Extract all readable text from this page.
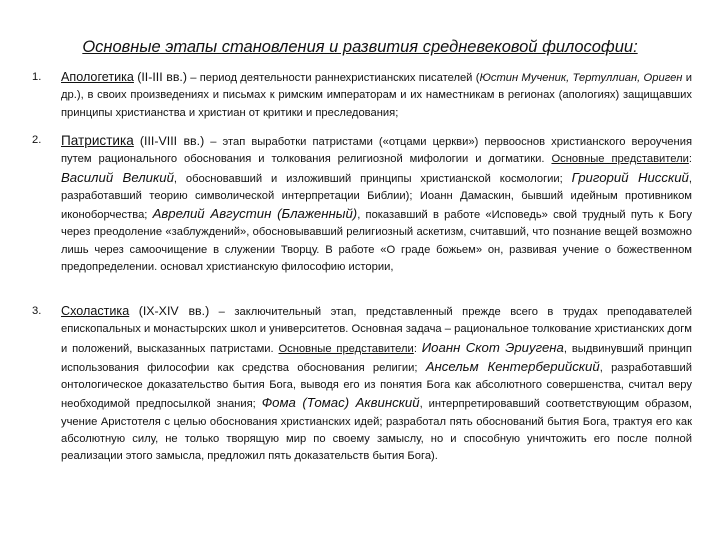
Основные этапы становления и развития средневековой философии:
1. Апологетика (II-III вв.) – период деятельности раннехристианских писателей (Юстин Мученик, Тертуллиан, Ориген и др.), в своих произведениях и письмах к римским императорам и их наместникам в регионах (апологиях) защищавших принципы христианства и христиан от критики и преследования;
2. Патристика (III-VIII вв.) – этап выработки патристами («отцами церкви») первооснов христианского вероучения путем рационального обоснования и толкования религиозной мифологии и догматики. Основные представители: Василий Великий, обосновавший и изложивший принципы христианской космологии; Григорий Нисский, разработавший теорию символической интерпретации Библии); Иоанн Дамаскин, бывший идейным противником иконоборчества; Аврелий Августин (Блаженный), показавший в работе «Исповедь» свой трудный путь к Богу через преодоление «заблуждений», обосновывавший религиозный аскетизм, считавший, что познание вещей возможно лишь через самоочищение в служении Творцу. В работе «О граде божьем» он, развивая учение о божественном предопределении. основал христианскую философию истории,
3. Схоластика (IX-XIV вв.) – заключительный этап, представленный прежде всего в трудах преподавателей епископальных и монастырских школ и университетов. Основная задача – рациональное толкование христианских догм и положений, высказанных патристами. Основные представители: Иоанн Скот Эриугена, выдвинувший принцип использования философии как средства обоснования религии; Ансельм Кентерберийский, разработавший онтологическое доказательство бытия Бога, выводя его из понятия Бога как абсолютного совершенства, считал веру необходимой предпосылкой знания; Фома (Томас) Аквинский, интерпретировавший соответствующим образом, учение Аристотеля с целью обоснования христианских идей; разработал пять обоснований бытия Бога, трактуя его как абсолютную силу, не только творящую мир по своему замыслу, но и способную уничтожить его после полной реализации этого замысла, предложил пять доказательств бытия Бога).
